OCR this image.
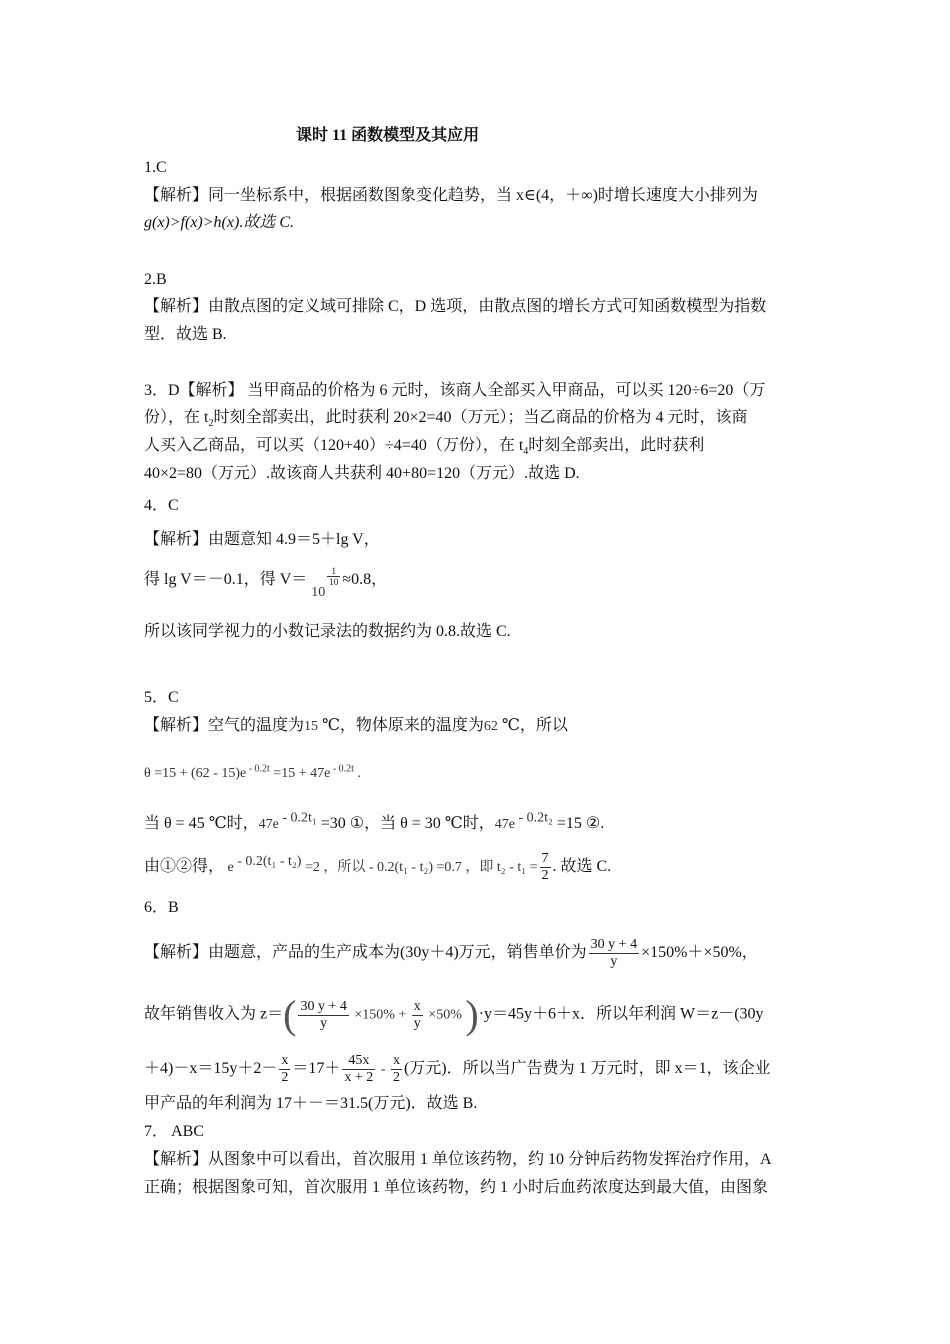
课时 11 函数模型及其应用
1.C
【解析】同一坐标系中，根据函数图象变化趋势，当 x∈(4，＋∞)时增长速度大小排列为
g(x)>f(x)>h(x).故选 C.
2.B
【解析】由散点图的定义域可排除 C，D 选项，由散点图的增长方式可知函数模型为指数
型．故选 B.
3．D【解析】 当甲商品的价格为 6 元时，该商人全部买入甲商品，可以买 120÷6=20（万
份），在 $t_2$时刻全部卖出，此时获利 20×2=40（万元）；当乙商品的价格为 4 元时，该商
人买入乙商品，可以买（120+40）÷4=40（万份），在 $t_4$时刻全部卖出，此时获利
40×2=80（万元）.故该商人共获利 40+80=120（万元）.故选 D.
4．C
【解析】由题意知 4.9＝5＋lg V，
得 lg V＝－0.1，得 V＝ 10
$\frac{1}{10} \approx 0.8$，
所以该同学视力的小数记录法的数据约为 0.8.故选 C.
5．C
【解析】空气的温度为15 ℃，物体原来的温度为62 ℃，所以
θ =15 + (62 - 15)e $^{- 0.2t}$ =15 + 47e $^{- 0.2t}$ .
当 θ = 45 ℃时，47e $^{- 0.2t_1}$ =30 ①，当 θ = 30 ℃时，47e $^{- 0.2t_2}$ =15 ②.
由①②得， e $^{- 0.2(t_1 - t_2)}$ =2 ，所以 - 0.2(t₁ - t₂) =0.7 ，即 $t_2 - t_1 = \frac{7}{2}$ . 故选 C.
6．B
【解析】由题意，产品的生产成本为(30y＋4)万元，销售单价为 $\frac{30 y + 4}{y} \times 150\%+\times 50\%$，
故年销售收入为 $z=( \frac{30 y + 4}{y} \times 150\% + \frac{x}{y} \times 50\%$ )·y＝45y＋6＋x．所以年利润 W＝z－(30y
$+4)-x=15y+2- \frac{x}{2} =17+ \frac{45x}{x + 2} - \frac{x}{2}$ (万元)．所以当广告费为 1 万元时，即 x＝1，该企业
甲产品的年利润为 17＋－＝31.5(万元)．故选 B.
7． ABC
【解析】从图象中可以看出，首次服用 1 单位该药物，约 10 分钟后药物发挥治疗作用，A
正确；根据图象可知，首次服用 1 单位该药物，约 1 小时后血药浓度达到最大值，由图象
